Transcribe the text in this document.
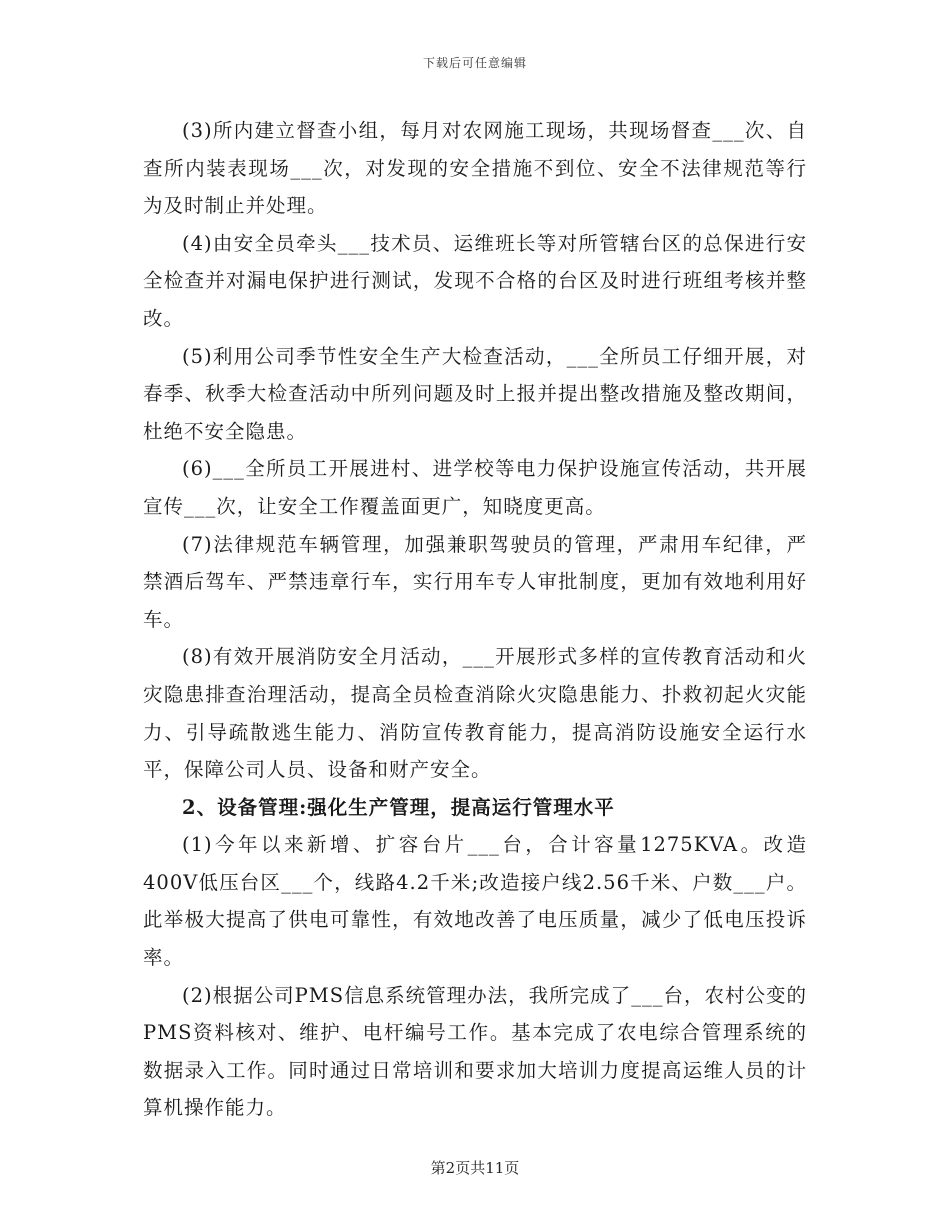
下载后可任意编辑

(3)所内建立督查小组，每月对农网施工现场，共现场督查___次、自查所内装表现场___次，对发现的安全措施不到位、安全不法律规范等行为及时制止并处理。

(4)由安全员牵头___技术员、运维班长等对所管辖台区的总保进行安全检查并对漏电保护进行测试，发现不合格的台区及时进行班组考核并整改。

(5)利用公司季节性安全生产大检查活动，___全所员工仔细开展，对春季、秋季大检查活动中所列问题及时上报并提出整改措施及整改期间，杜绝不安全隐患。

(6)___全所员工开展进村、进学校等电力保护设施宣传活动，共开展宣传___次，让安全工作覆盖面更广，知晓度更高。

(7)法律规范车辆管理，加强兼职驾驶员的管理，严肃用车纪律，严禁酒后驾车、严禁违章行车，实行用车专人审批制度，更加有效地利用好车。

(8)有效开展消防安全月活动，___开展形式多样的宣传教育活动和火灾隐患排查治理活动，提高全员检查消除火灾隐患能力、扑救初起火灾能力、引导疏散逃生能力、消防宣传教育能力，提高消防设施安全运行水平，保障公司人员、设备和财产安全。

2、设备管理:强化生产管理，提高运行管理水平

(1)今年以来新增、扩容台片___台，合计容量1275KVA。改造400V低压台区___个，线路4.2千米;改造接户线2.56千米、户数___户。此举极大提高了供电可靠性，有效地改善了电压质量，减少了低电压投诉率。

(2)根据公司PMS信息系统管理办法，我所完成了___台，农村公变的PMS资料核对、维护、电杆编号工作。基本完成了农电综合管理系统的数据录入工作。同时通过日常培训和要求加大培训力度提高运维人员的计算机操作能力。

第2页共11页
